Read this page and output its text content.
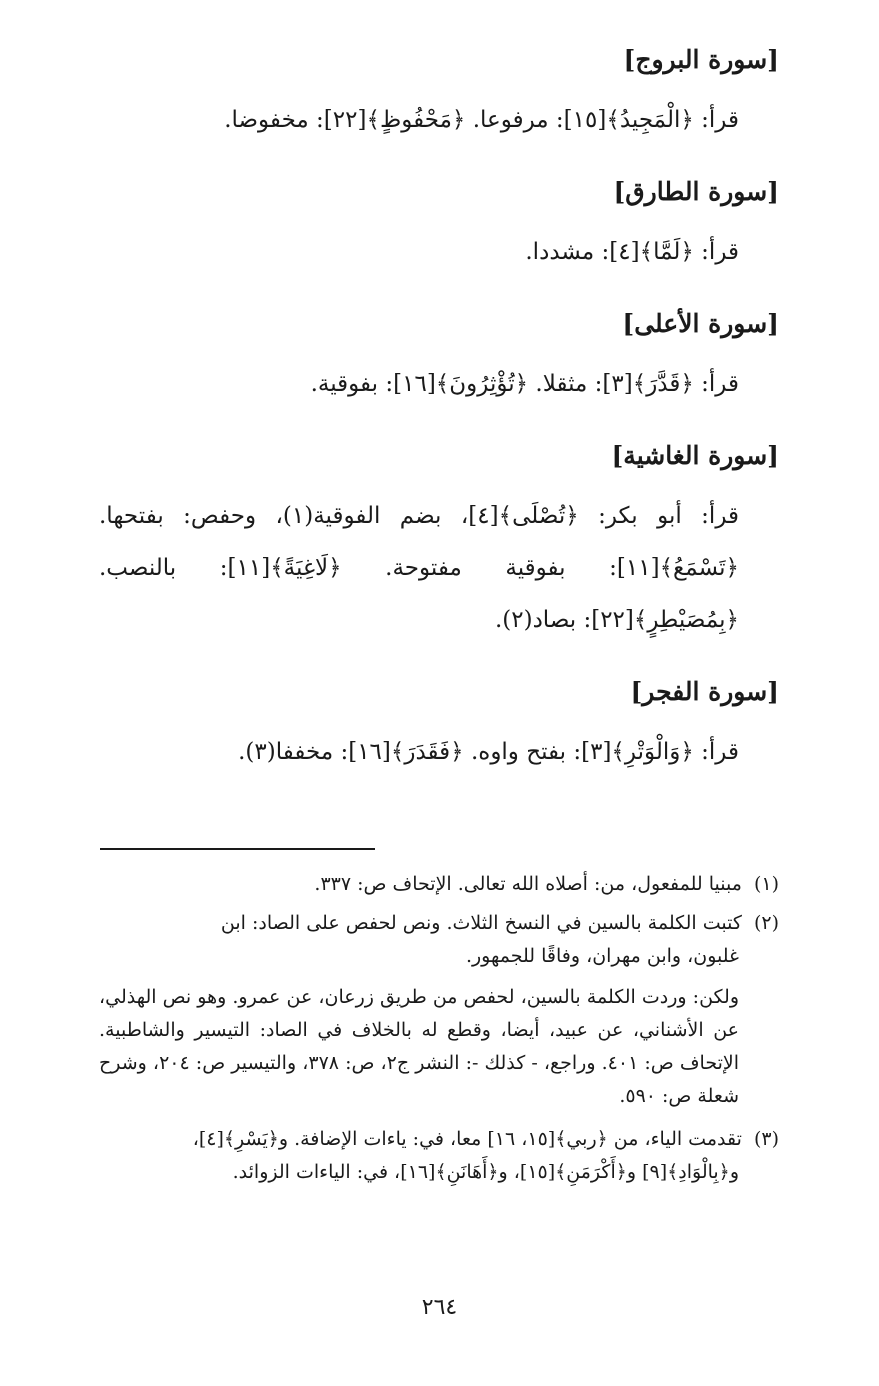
[سورة البروج]

قرأ: ﴿الْمَجِيدُ﴾[١٥]: مرفوعا. ﴿مَحْفُوظٍ﴾[٢٢]: مخفوضا.

[سورة الطارق]

قرأ: ﴿لَمَّا﴾[٤]: مشددا.

[سورة الأعلى]

قرأ: ﴿قَدَّرَ﴾[٣]: مثقلا. ﴿تُؤْثِرُونَ﴾[١٦]: بفوقية.

[سورة الغاشية]

قرأ: أبو بكر: ﴿تُصْلَى﴾[٤]، بضم الفوقية(١)، وحفص: بفتحها.

﴿تَسْمَعُ﴾[١١]: بفوقية مفتوحة. ﴿لَاغِيَةً﴾[١١]: بالنصب.

﴿بِمُصَيْطِرٍ﴾[٢٢]: بصاد(٢).

[سورة الفجر]

قرأ: ﴿وَالْوَتْرِ﴾[٣]: بفتح واوه. ﴿فَقَدَرَ﴾[١٦]: مخففا(٣).

(١) مبنيا للمفعول، من: أصلاه الله تعالى. الإتحاف ص: ٣٣٧.

(٢) كتبت الكلمة بالسين في النسخ الثلاث. ونص لحفص على الصاد: ابن
غلبون، وابن مهران، وفاقًا للجمهور.

ولكن: وردت الكلمة بالسين، لحفص من طريق زرعان، عن عمرو. وهو نص الهذلي، عن الأشناني، عن عبيد، أيضا، وقطع له بالخلاف في الصاد: التيسير والشاطبية. الإتحاف ص: ٤٠١. وراجع، - كذلك -: النشر ج٢، ص: ٣٧٨، والتيسير ص: ٢٠٤، وشرح شعلة ص: ٥٩٠.

(٣) تقدمت الياء، من ﴿ربي﴾[١٥، ١٦] معا، في: ياءات الإضافة. و﴿يَسْرِ﴾[٤]،
و﴿بِالْوَادِ﴾[٩] و﴿أَكْرَمَنِ﴾[١٥]، و﴿أَهَانَنِ﴾[١٦]، في: الياءات الزوائد.

٢٦٤
